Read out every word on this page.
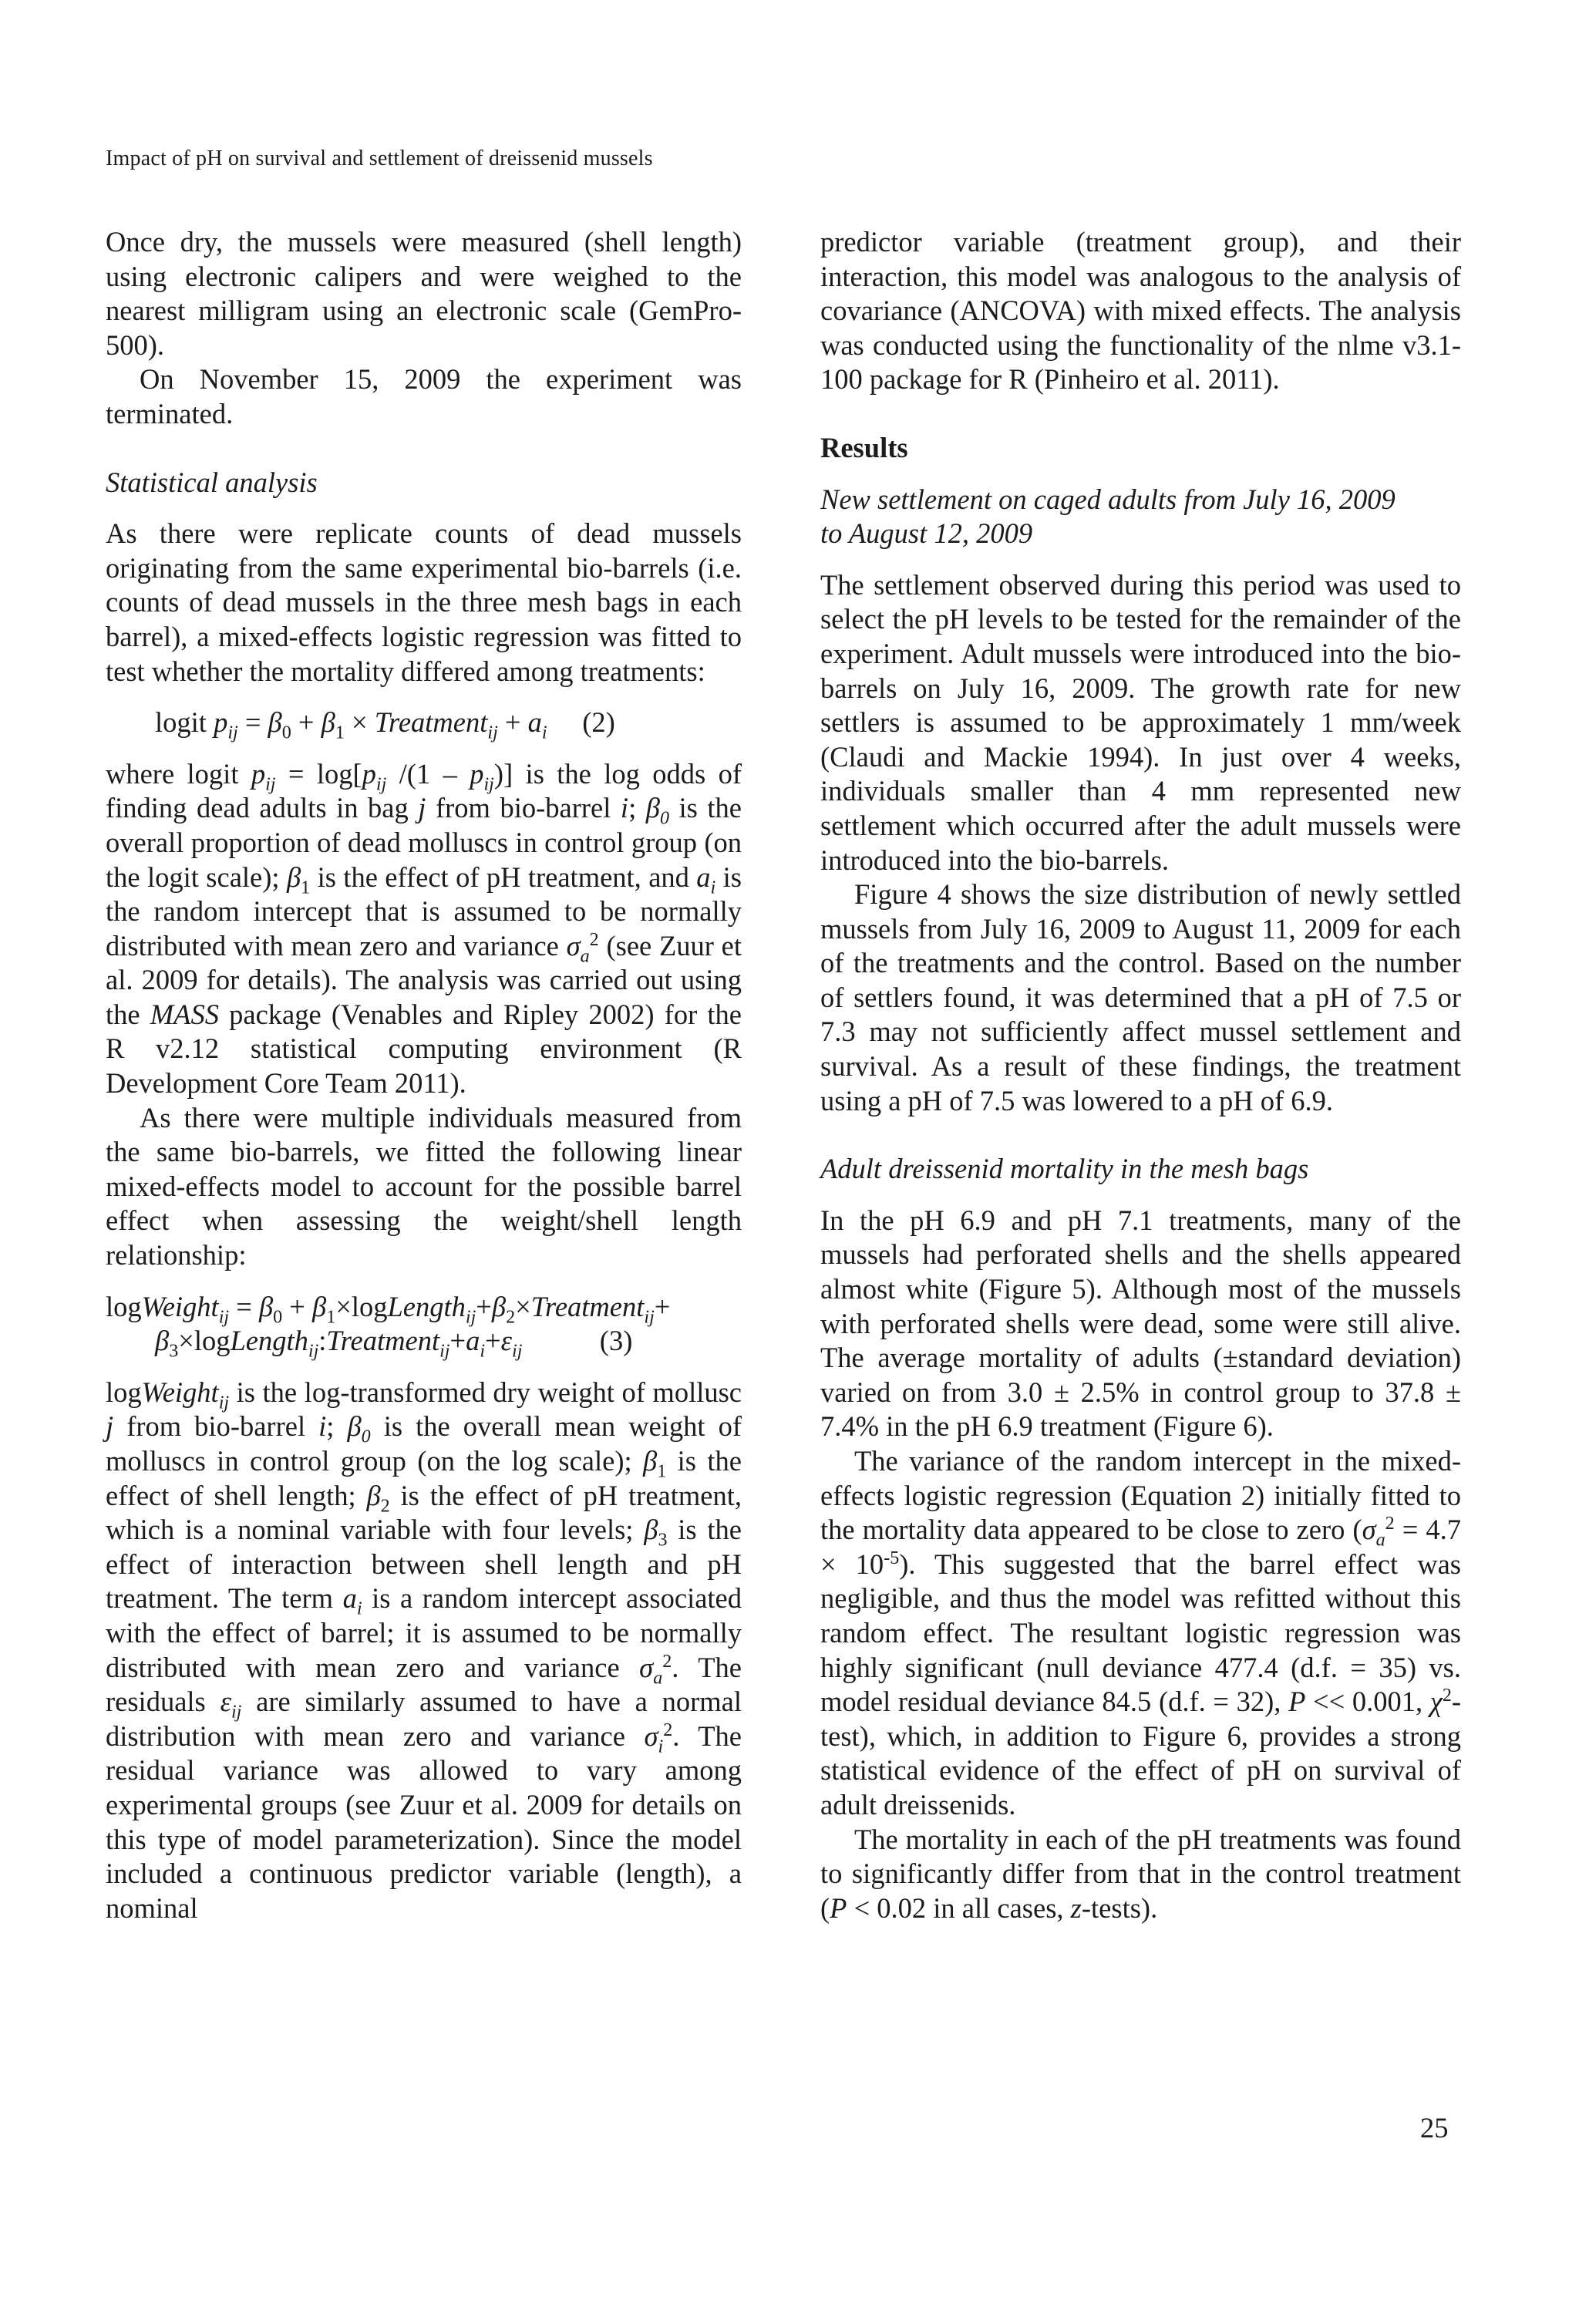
Impact of pH on survival and settlement of dreissenid mussels

Once dry, the mussels were measured (shell length) using electronic calipers and were weighed to the nearest milligram using an electronic scale (GemPro-500).

On November 15, 2009 the experiment was terminated.

Statistical analysis

As there were replicate counts of dead mussels originating from the same experimental bio-barrels (i.e. counts of dead mussels in the three mesh bags in each barrel), a mixed-effects logistic regression was fitted to test whether the mortality differed among treatments:

logit $p_{ij} = \beta_0 + \beta_1$ × Treatment$_{ij}$ + $a_i$ (2)

where logit $p_{ij} = \log[p_{ij}$ $/(1 - p_{ij})$] is the log odds of finding dead adults in bag j from bio-barrel i; $\beta_0$ is the overall proportion of dead molluscs in control group (on the logit scale); $\beta_1$ is the effect of pH treatment, and $a_i$ is the random intercept that is assumed to be normally distributed with mean zero and variance $\sigma_a^2$ (see Zuur et al. 2009 for details). The analysis was carried out using the MASS package (Venables and Ripley 2002) for the R v2.12 statistical computing environment (R Development Core Team 2011).

As there were multiple individuals measured from the same bio-barrels, we fitted the following linear mixed-effects model to account for the possible barrel effect when assessing the weight/shell length relationship:

logWeight$_{ij}$ = $\beta_0$ + $\beta_1\times logLength_{ij}+\beta_2\times Treatment_{ij}+$
$\beta_3\times logLength_{ij}:Treatment_{ij}+a_i+\varepsilon_{ij}$	(3)

logWeight$_{ij}$ is the log-transformed dry weight of mollusc j from bio-barrel i; $\beta_0$ is the overall mean weight of molluscs in control group (on the log scale); $\beta_1$ is the effect of shell length; $\beta_2$ is the effect of pH treatment, which is a nominal variable with four levels; $\beta_3$ is the effect of interaction between shell length and pH treatment. The term $a_i$ is a random intercept associated with the effect of barrel; it is assumed to be normally distributed with mean zero and variance $\sigma_a^2$. The residuals $\varepsilon_{ij}$ are similarly assumed to have a normal distribution with mean zero and variance $\sigma_i^2$. The residual variance was allowed to vary among experimental groups (see Zuur et al. 2009 for details on this type of model parameterization). Since the model included a continuous predictor variable (length), a nominal

predictor variable (treatment group), and their interaction, this model was analogous to the analysis of covariance (ANCOVA) with mixed effects. The analysis was conducted using the functionality of the nlme v3.1-100 package for R (Pinheiro et al. 2011).

Results
New settlement on caged adults from July 16, 2009 to August 12, 2009

The settlement observed during this period was used to select the pH levels to be tested for the remainder of the experiment. Adult mussels were introduced into the bio-barrels on July 16, 2009. The growth rate for new settlers is assumed to be approximately 1 mm/week (Claudi and Mackie 1994). In just over 4 weeks, individuals smaller than 4 mm represented new settlement which occurred after the adult mussels were introduced into the bio-barrels.

Figure 4 shows the size distribution of newly settled mussels from July 16, 2009 to August 11, 2009 for each of the treatments and the control. Based on the number of settlers found, it was determined that a pH of 7.5 or 7.3 may not sufficiently affect mussel settlement and survival. As a result of these findings, the treatment using a pH of 7.5 was lowered to a pH of 6.9.

Adult dreissenid mortality in the mesh bags

In the pH 6.9 and pH 7.1 treatments, many of the mussels had perforated shells and the shells appeared almost white (Figure 5). Although most of the mussels with perforated shells were dead, some were still alive. The average mortality of adults (±standard deviation) varied on from 3.0 ± 2.5% in control group to 37.8 ± 7.4% in the pH 6.9 treatment (Figure 6).

The variance of the random intercept in the mixed-effects logistic regression (Equation 2) initially fitted to the mortality data appeared to be close to zero $(\sigma_a^2 = 4.7 \times 10^{-5})$. This suggested that the barrel effect was negligible, and thus the model was refitted without this random effect. The resultant logistic regression was highly significant (null deviance 477.4 (d.f. = 35) vs. model residual deviance 84.5 (d.f. = 32), P << 0.001, $\chi^2-test$), which, in addition to Figure 6, provides a strong statistical evidence of the effect of pH on survival of adult dreissenids.

The mortality in each of the pH treatments was found to significantly differ from that in the control treatment (P < 0.02 in all cases, z-tests).

25
